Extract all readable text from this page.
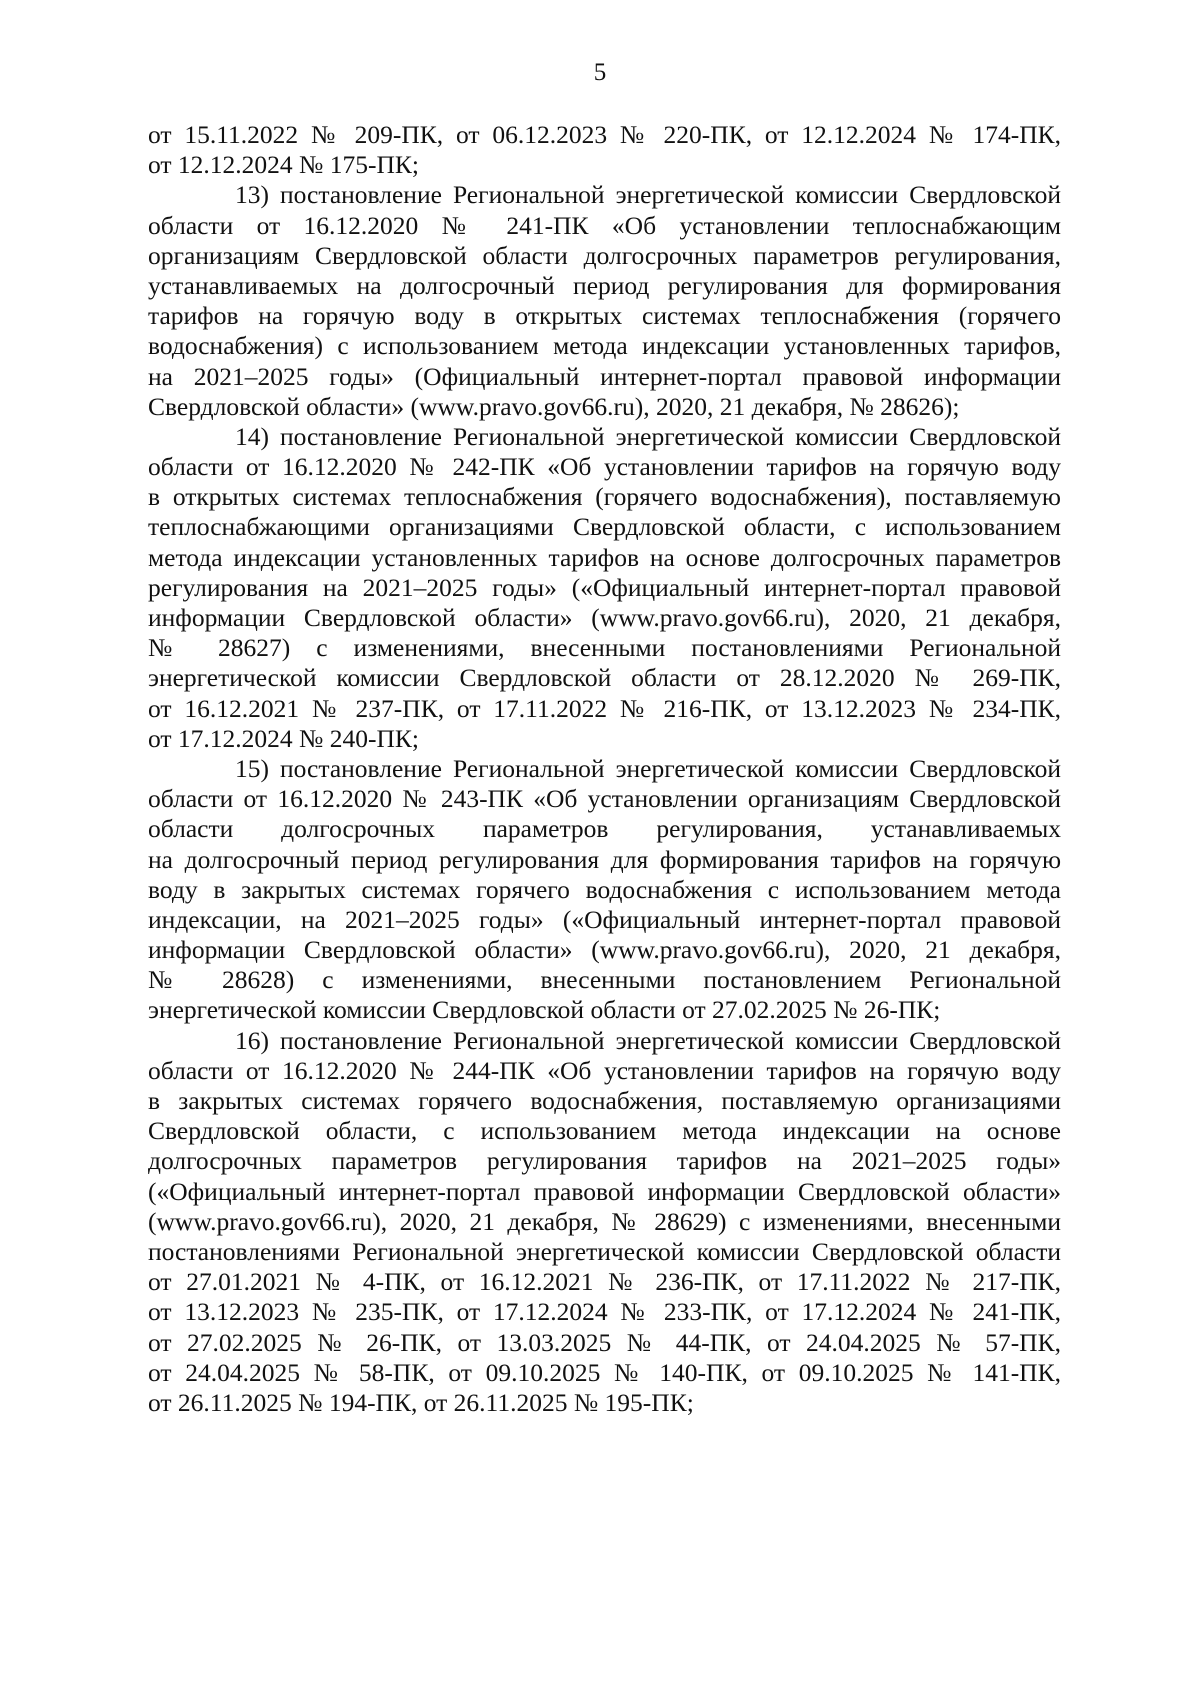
5
от 15.11.2022 № 209-ПК, от 06.12.2023 № 220-ПК, от 12.12.2024 № 174-ПК,
от 12.12.2024 № 175-ПК;
13) постановление Региональной энергетической комиссии Свердловской
области от 16.12.2020 № 241-ПК «Об установлении теплоснабжающим
организациям Свердловской области долгосрочных параметров регулирования,
устанавливаемых на долгосрочный период регулирования для формирования
тарифов на горячую воду в открытых системах теплоснабжения (горячего
водоснабжения) с использованием метода индексации установленных тарифов,
на 2021–2025 годы» (Официальный интернет-портал правовой информации
Свердловской области» (www.pravo.gov66.ru), 2020, 21 декабря, № 28626);
14) постановление Региональной энергетической комиссии Свердловской
области от 16.12.2020 № 242-ПК «Об установлении тарифов на горячую воду
в открытых системах теплоснабжения (горячего водоснабжения), поставляемую
теплоснабжающими организациями Свердловской области, с использованием
метода индексации установленных тарифов на основе долгосрочных параметров
регулирования на 2021–2025 годы» («Официальный интернет-портал правовой
информации Свердловской области» (www.pravo.gov66.ru), 2020, 21 декабря,
№ 28627) с изменениями, внесенными постановлениями Региональной
энергетической комиссии Свердловской области от 28.12.2020 № 269-ПК,
от 16.12.2021 № 237-ПК, от 17.11.2022 № 216-ПК, от 13.12.2023 № 234-ПК,
от 17.12.2024 № 240-ПК;
15) постановление Региональной энергетической комиссии Свердловской
области от 16.12.2020 № 243-ПК «Об установлении организациям Свердловской
области долгосрочных параметров регулирования, устанавливаемых
на долгосрочный период регулирования для формирования тарифов на горячую
воду в закрытых системах горячего водоснабжения с использованием метода
индексации, на 2021–2025 годы» («Официальный интернет-портал правовой
информации Свердловской области» (www.pravo.gov66.ru), 2020, 21 декабря,
№ 28628) с изменениями, внесенными постановлением Региональной
энергетической комиссии Свердловской области от 27.02.2025 № 26-ПК;
16) постановление Региональной энергетической комиссии Свердловской
области от 16.12.2020 № 244-ПК «Об установлении тарифов на горячую воду
в закрытых системах горячего водоснабжения, поставляемую организациями
Свердловской области, с использованием метода индексации на основе
долгосрочных параметров регулирования тарифов на 2021–2025 годы»
(«Официальный интернет-портал правовой информации Свердловской области»
(www.pravo.gov66.ru), 2020, 21 декабря, № 28629) с изменениями, внесенными
постановлениями Региональной энергетической комиссии Свердловской области
от 27.01.2021 № 4-ПК, от 16.12.2021 № 236-ПК, от 17.11.2022 № 217-ПК,
от 13.12.2023 № 235-ПК, от 17.12.2024 № 233-ПК, от 17.12.2024 № 241-ПК,
от 27.02.2025 № 26-ПК, от 13.03.2025 № 44-ПК, от 24.04.2025 № 57-ПК,
от 24.04.2025 № 58-ПК, от 09.10.2025 № 140-ПК, от 09.10.2025 № 141-ПК,
от 26.11.2025 № 194-ПК, от 26.11.2025 № 195-ПК;
